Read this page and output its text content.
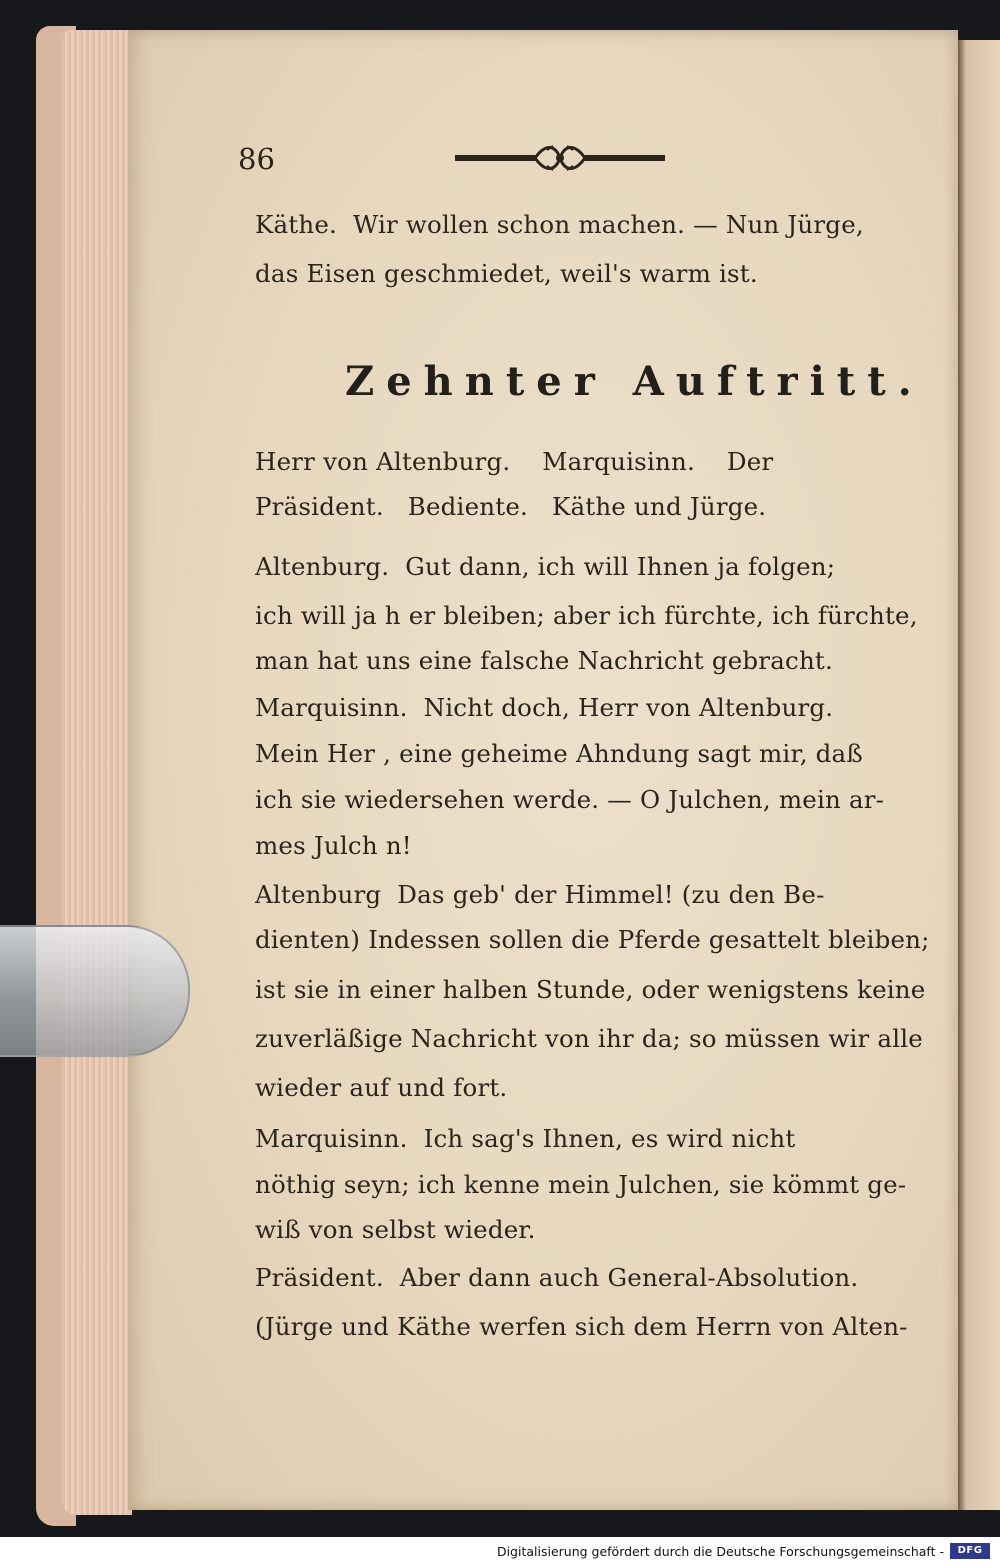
86
Käthe.  Wir wollen schon machen. — Nun Jürge,
das Eisen geschmiedet, weil's warm ist.
Herr von Altenburg.    Marquisinn.    Der
Präsident.   Bediente.   Käthe und Jürge.
Altenburg.  Gut dann, ich will Ihnen ja folgen;
ich will ja h er bleiben; aber ich fürchte, ich fürchte,
man hat uns eine falsche Nachricht gebracht.
Marquisinn.  Nicht doch, Herr von Altenburg.
Mein Her , eine geheime Ahndung sagt mir, daß
ich sie wiedersehen werde. — O Julchen, mein ar-
mes Julch n!
Altenburg  Das geb' der Himmel! (zu den Be-
dienten) Indessen sollen die Pferde gesattelt bleiben;
ist sie in einer halben Stunde, oder wenigstens keine
zuverläßige Nachricht von ihr da; so müssen wir alle
wieder auf und fort.
Marquisinn.  Ich sag's Ihnen, es wird nicht
nöthig seyn; ich kenne mein Julchen, sie kömmt ge-
wiß von selbst wieder.
Präsident.  Aber dann auch General-Absolution.
(Jürge und Käthe werfen sich dem Herrn von Alten-
Zehnter Auftritt.
Digitalisierung gefördert durch die Deutsche Forschungsgemeinschaft -	DFG
